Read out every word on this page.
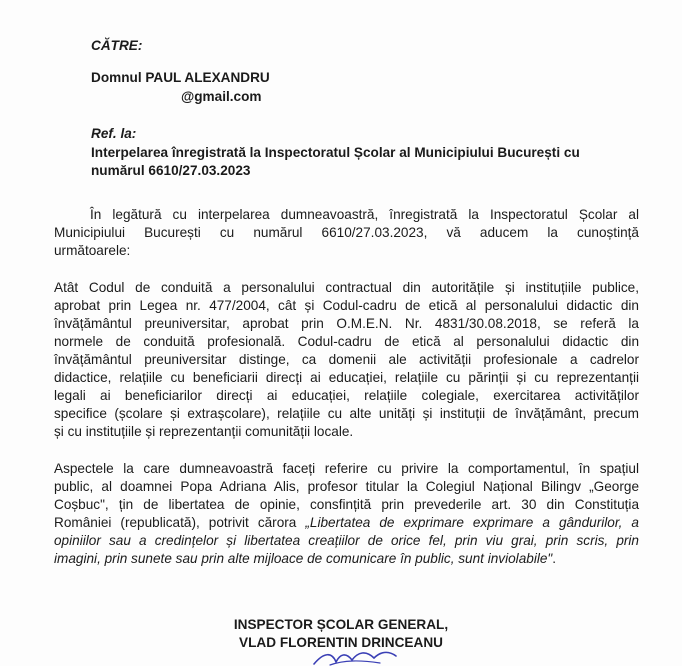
CĂTRE:
Domnul PAUL ALEXANDRU
@gmail.com
Ref. la:
Interpelarea înregistrată la Inspectoratul Școlar al Municipiului București cu
numărul 6610/27.03.2023
În legătură cu interpelarea dumneavoastră, înregistrată la Inspectoratul Școlar al
Municipiului București cu numărul 6610/27.03.2023, vă aducem la cunoștință
următoarele:
Atât Codul de conduită a personalului contractual din autoritățile și instituțiile publice,
aprobat prin Legea nr. 477/2004, cât și Codul-cadru de etică al personalului didactic din
învățământul preuniversitar, aprobat prin O.M.E.N. Nr. 4831/30.08.2018, se referă la
normele de conduită profesională. Codul-cadru de etică al personalului didactic din
învățământul preuniversitar distinge, ca domenii ale activității profesionale a cadrelor
didactice, relațiile cu beneficiarii direcți ai educației, relațiile cu părinții și cu reprezentanții
legali ai beneficiarilor direcți ai educației, relațiile colegiale, exercitarea activităților
specifice (școlare și extrașcolare), relațiile cu alte unități și instituții de învățământ, precum
și cu instituțiile și reprezentanții comunității locale.
Aspectele la care dumneavoastră faceți referire cu privire la comportamentul, în spațiul
public, al doamnei Popa Adriana Alis, profesor titular la Colegiul Național Bilingv „George
Coșbuc", țin de libertatea de opinie, consfințită prin prevederile art. 30 din Constituția
României (republicată), potrivit cărora „Libertatea de exprimare exprimare a gândurilor, a
opiniilor sau a credințelor și libertatea creațiilor de orice fel, prin viu grai, prin scris, prin
imagini, prin sunete sau prin alte mijloace de comunicare în public, sunt inviolabile".
INSPECTOR ȘCOLAR GENERAL,
VLAD FLORENTIN DRINCEANU
